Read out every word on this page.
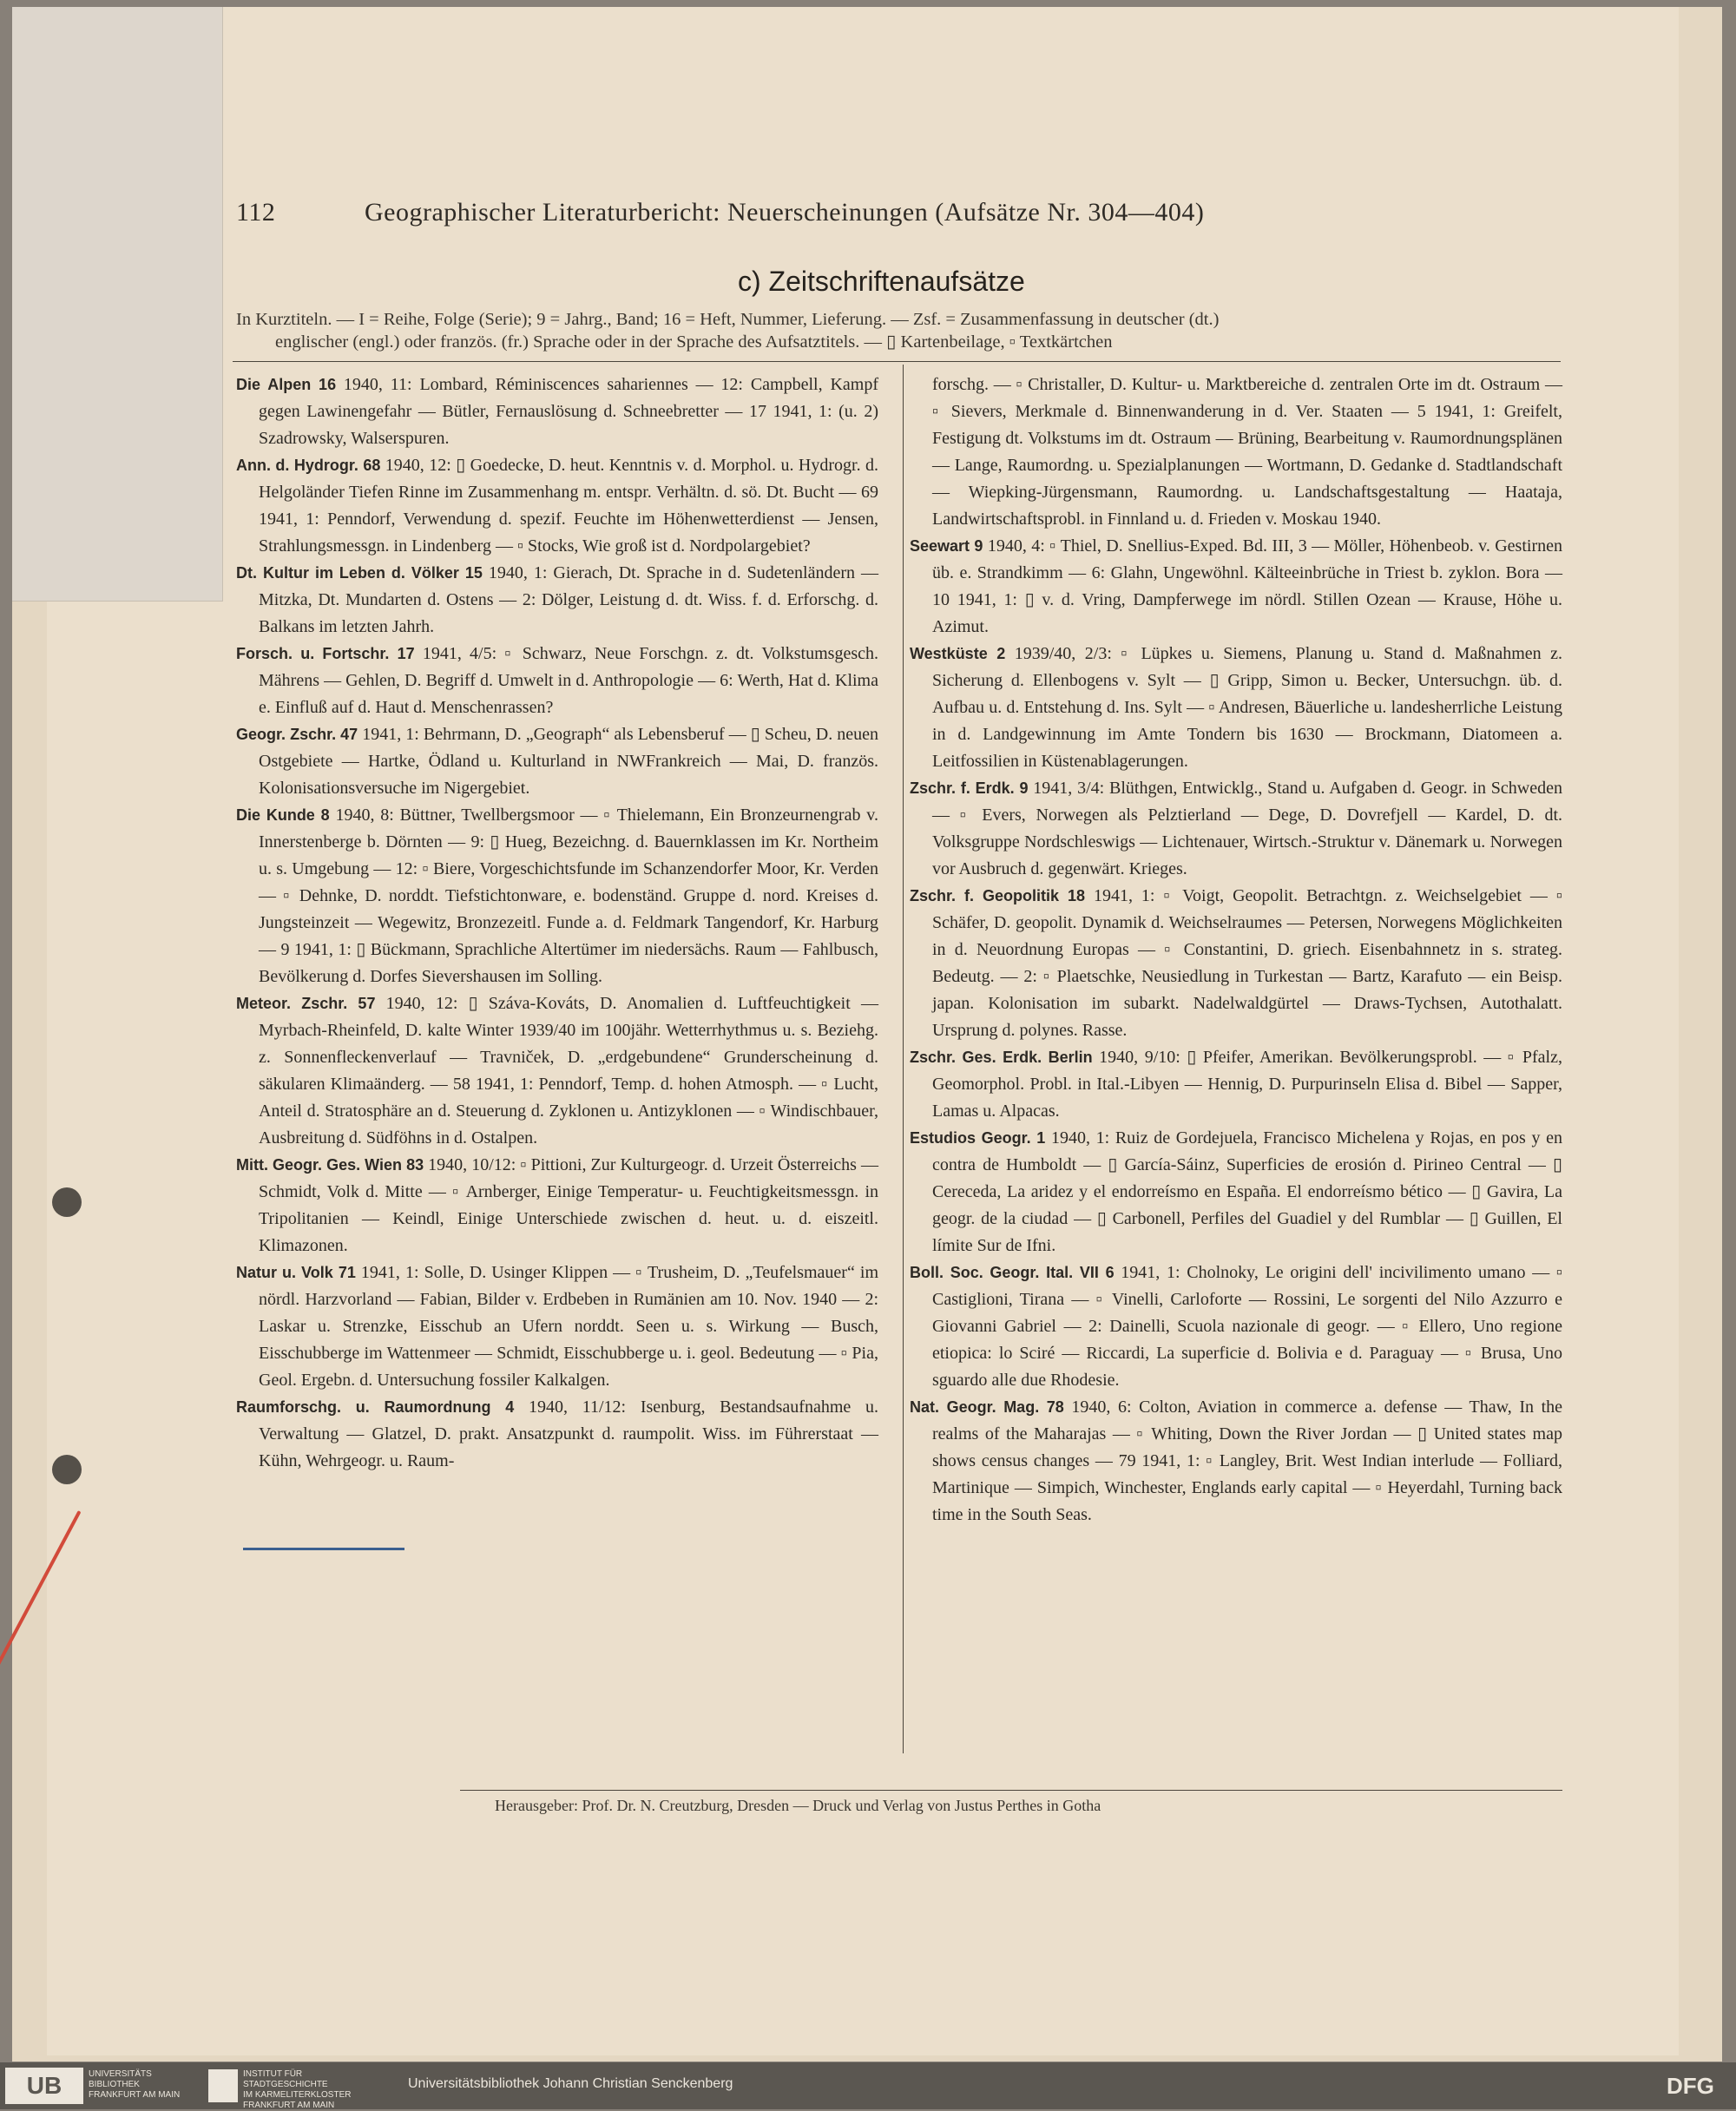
112	Geographischer Literaturbericht: Neuerscheinungen (Aufsätze Nr. 304—404)
c) Zeitschriftenaufsätze

In Kurztiteln. — I = Reihe, Folge (Serie); 9 = Jahrg., Band; 16 = Heft, Nummer, Lieferung. — Zsf. = Zusammenfassung in deutscher (dt.)

englischer (engl.) oder französ. (fr.) Sprache oder in der Sprache des Aufsatztitels. — ▯ Kartenbeilage, ▫ Textkärtchen

Die Alpen 16 1940, 11: Lombard, Réminiscences sahariennes — 12: Campbell, Kampf gegen Lawinengefahr — Bütler, Fernauslösung d. Schneebretter — 17 1941, 1: (u. 2) Szadrowsky, Walserspuren.

Ann. d. Hydrogr. 68 1940, 12: ▯ Goedecke, D. heut. Kenntnis v. d. Morphol. u. Hydrogr. d. Helgoländer Tiefen Rinne im Zusammenhang m. entspr. Verhältn. d. sö. Dt. Bucht — 69 1941, 1: Penndorf, Verwendung d. spezif. Feuchte im Höhenwetterdienst — Jensen, Strahlungsmessgn. in Lindenberg — ▫ Stocks, Wie groß ist d. Nordpolargebiet?

Dt. Kultur im Leben d. Völker 15 1940, 1: Gierach, Dt. Sprache in d. Sudetenländern — Mitzka, Dt. Mundarten d. Ostens — 2: Dölger, Leistung d. dt. Wiss. f. d. Erforschg. d. Balkans im letzten Jahrh.

Forsch. u. Fortschr. 17 1941, 4/5: ▫ Schwarz, Neue Forschgn. z. dt. Volkstumsgesch. Mährens — Gehlen, D. Begriff d. Umwelt in d. Anthropologie — 6: Werth, Hat d. Klima e. Einfluß auf d. Haut d. Menschenrassen?

Geogr. Zschr. 47 1941, 1: Behrmann, D. „Geograph“ als Lebensberuf — ▯ Scheu, D. neuen Ostgebiete — Hartke, Ödland u. Kulturland in NWFrankreich — Mai, D. französ. Kolonisationsversuche im Nigergebiet.

Die Kunde 8 1940, 8: Büttner, Twellbergsmoor — ▫ Thielemann, Ein Bronzeurnengrab v. Innerstenberge b. Dörnten — 9: ▯ Hueg, Bezeichng. d. Bauernklassen im Kr. Northeim u. s. Umgebung — 12: ▫ Biere, Vorgeschichtsfunde im Schanzendorfer Moor, Kr. Verden — ▫ Dehnke, D. norddt. Tiefstichtonware, e. bodenständ. Gruppe d. nord. Kreises d. Jungsteinzeit — Wegewitz, Bronzezeitl. Funde a. d. Feldmark Tangendorf, Kr. Harburg — 9 1941, 1: ▯ Bückmann, Sprachliche Altertümer im niedersächs. Raum — Fahlbusch, Bevölkerung d. Dorfes Sievershausen im Solling.

Meteor. Zschr. 57 1940, 12: ▯ Száva-Kováts, D. Anomalien d. Luftfeuchtigkeit — Myrbach-Rheinfeld, D. kalte Winter 1939/40 im 100jähr. Wetterrhythmus u. s. Beziehg. z. Sonnenfleckenverlauf — Travniček, D. „erdgebundene“ Grunderscheinung d. säkularen Klimaänderg. — 58 1941, 1: Penndorf, Temp. d. hohen Atmosph. — ▫ Lucht, Anteil d. Stratosphäre an d. Steuerung d. Zyklonen u. Antizyklonen — ▫ Windischbauer, Ausbreitung d. Südföhns in d. Ostalpen.

Mitt. Geogr. Ges. Wien 83 1940, 10/12: ▫ Pittioni, Zur Kulturgeogr. d. Urzeit Österreichs — Schmidt, Volk d. Mitte — ▫ Arnberger, Einige Temperatur- u. Feuchtigkeitsmessgn. in Tripolitanien — Keindl, Einige Unterschiede zwischen d. heut. u. d. eiszeitl. Klimazonen.

Natur u. Volk 71 1941, 1: Solle, D. Usinger Klippen — ▫ Trusheim, D. „Teufelsmauer“ im nördl. Harzvorland — Fabian, Bilder v. Erdbeben in Rumänien am 10. Nov. 1940 — 2: Laskar u. Strenzke, Eisschub an Ufern norddt. Seen u. s. Wirkung — Busch, Eisschubberge im Wattenmeer — Schmidt, Eisschubberge u. i. geol. Bedeutung — ▫ Pia, Geol. Ergebn. d. Untersuchung fossiler Kalkalgen.

Raumforschg. u. Raumordnung 4 1940, 11/12: Isenburg, Bestandsaufnahme u. Verwaltung — Glatzel, D. prakt. Ansatzpunkt d. raumpolit. Wiss. im Führerstaat — Kühn, Wehrgeogr. u. Raum-

forschg. — ▫ Christaller, D. Kultur- u. Marktbereiche d. zentralen Orte im dt. Ostraum — ▫ Sievers, Merkmale d. Binnenwanderung in d. Ver. Staaten — 5 1941, 1: Greifelt, Festigung dt. Volkstums im dt. Ostraum — Brüning, Bearbeitung v. Raumordnungsplänen — Lange, Raumordng. u. Spezialplanungen — Wortmann, D. Gedanke d. Stadtlandschaft — Wiepking-Jürgensmann, Raumordng. u. Landschaftsgestaltung — Haataja, Landwirtschaftsprobl. in Finnland u. d. Frieden v. Moskau 1940.

Seewart 9 1940, 4: ▫ Thiel, D. Snellius-Exped. Bd. III, 3 — Möller, Höhenbeob. v. Gestirnen üb. e. Strandkimm — 6: Glahn, Ungewöhnl. Kälteeinbrüche in Triest b. zyklon. Bora — 10 1941, 1: ▯ v. d. Vring, Dampferwege im nördl. Stillen Ozean — Krause, Höhe u. Azimut.

Westküste 2 1939/40, 2/3: ▫ Lüpkes u. Siemens, Planung u. Stand d. Maßnahmen z. Sicherung d. Ellenbogens v. Sylt — ▯ Gripp, Simon u. Becker, Untersuchgn. üb. d. Aufbau u. d. Entstehung d. Ins. Sylt — ▫ Andresen, Bäuerliche u. landesherrliche Leistung in d. Landgewinnung im Amte Tondern bis 1630 — Brockmann, Diatomeen a. Leitfossilien in Küstenablagerungen.

Zschr. f. Erdk. 9 1941, 3/4: Blüthgen, Entwicklg., Stand u. Aufgaben d. Geogr. in Schweden — ▫ Evers, Norwegen als Pelztierland — Dege, D. Dovrefjell — Kardel, D. dt. Volksgruppe Nordschleswigs — Lichtenauer, Wirtsch.-Struktur v. Dänemark u. Norwegen vor Ausbruch d. gegenwärt. Krieges.

Zschr. f. Geopolitik 18 1941, 1: ▫ Voigt, Geopolit. Betrachtgn. z. Weichselgebiet — ▫ Schäfer, D. geopolit. Dynamik d. Weichselraumes — Petersen, Norwegens Möglichkeiten in d. Neuordnung Europas — ▫ Constantini, D. griech. Eisenbahnnetz in s. strateg. Bedeutg. — 2: ▫ Plaetschke, Neusiedlung in Turkestan — Bartz, Karafuto — ein Beisp. japan. Kolonisation im subarkt. Nadelwaldgürtel — Draws-Tychsen, Autothalatt. Ursprung d. polynes. Rasse.

Zschr. Ges. Erdk. Berlin 1940, 9/10: ▯ Pfeifer, Amerikan. Bevölkerungsprobl. — ▫ Pfalz, Geomorphol. Probl. in Ital.-Libyen — Hennig, D. Purpurinseln Elisa d. Bibel — Sapper, Lamas u. Alpacas.

Estudios Geogr. 1 1940, 1: Ruiz de Gordejuela, Francisco Michelena y Rojas, en pos y en contra de Humboldt — ▯ García-Sáinz, Superficies de erosión d. Pirineo Central — ▯ Cereceda, La aridez y el endorreísmo en España. El endorreísmo bético — ▯ Gavira, La geogr. de la ciudad — ▯ Carbonell, Perfiles del Guadiel y del Rumblar — ▯ Guillen, El límite Sur de Ifni.

Boll. Soc. Geogr. Ital. VII 6 1941, 1: Cholnoky, Le origini dell' incivilimento umano — ▫ Castiglioni, Tirana — ▫ Vinelli, Carloforte — Rossini, Le sorgenti del Nilo Azzurro e Giovanni Gabriel — 2: Dainelli, Scuola nazionale di geogr. — ▫ Ellero, Uno regione etiopica: lo Sciré — Riccardi, La superficie d. Bolivia e d. Paraguay — ▫ Brusa, Uno sguardo alle due Rhodesie.

Nat. Geogr. Mag. 78 1940, 6: Colton, Aviation in commerce a. defense — Thaw, In the realms of the Maharajas — ▫ Whiting, Down the River Jordan — ▯ United states map shows census changes — 79 1941, 1: ▫ Langley, Brit. West Indian interlude — Folliard, Martinique — Simpich, Winchester, Englands early capital — ▫ Heyerdahl, Turning back time in the South Seas.

Herausgeber: Prof. Dr. N. Creutzburg, Dresden — Druck und Verlag von Justus Perthes in Gotha
UB	UNIVERSITÄTS
BIBLIOTHEK
FRANKFURT AM MAIN
INSTITUT FÜR
STADTGESCHICHTE
IM KARMELITERKLOSTER
FRANKFURT AM MAIN
Universitätsbibliothek Johann Christian Senckenberg	DFG
